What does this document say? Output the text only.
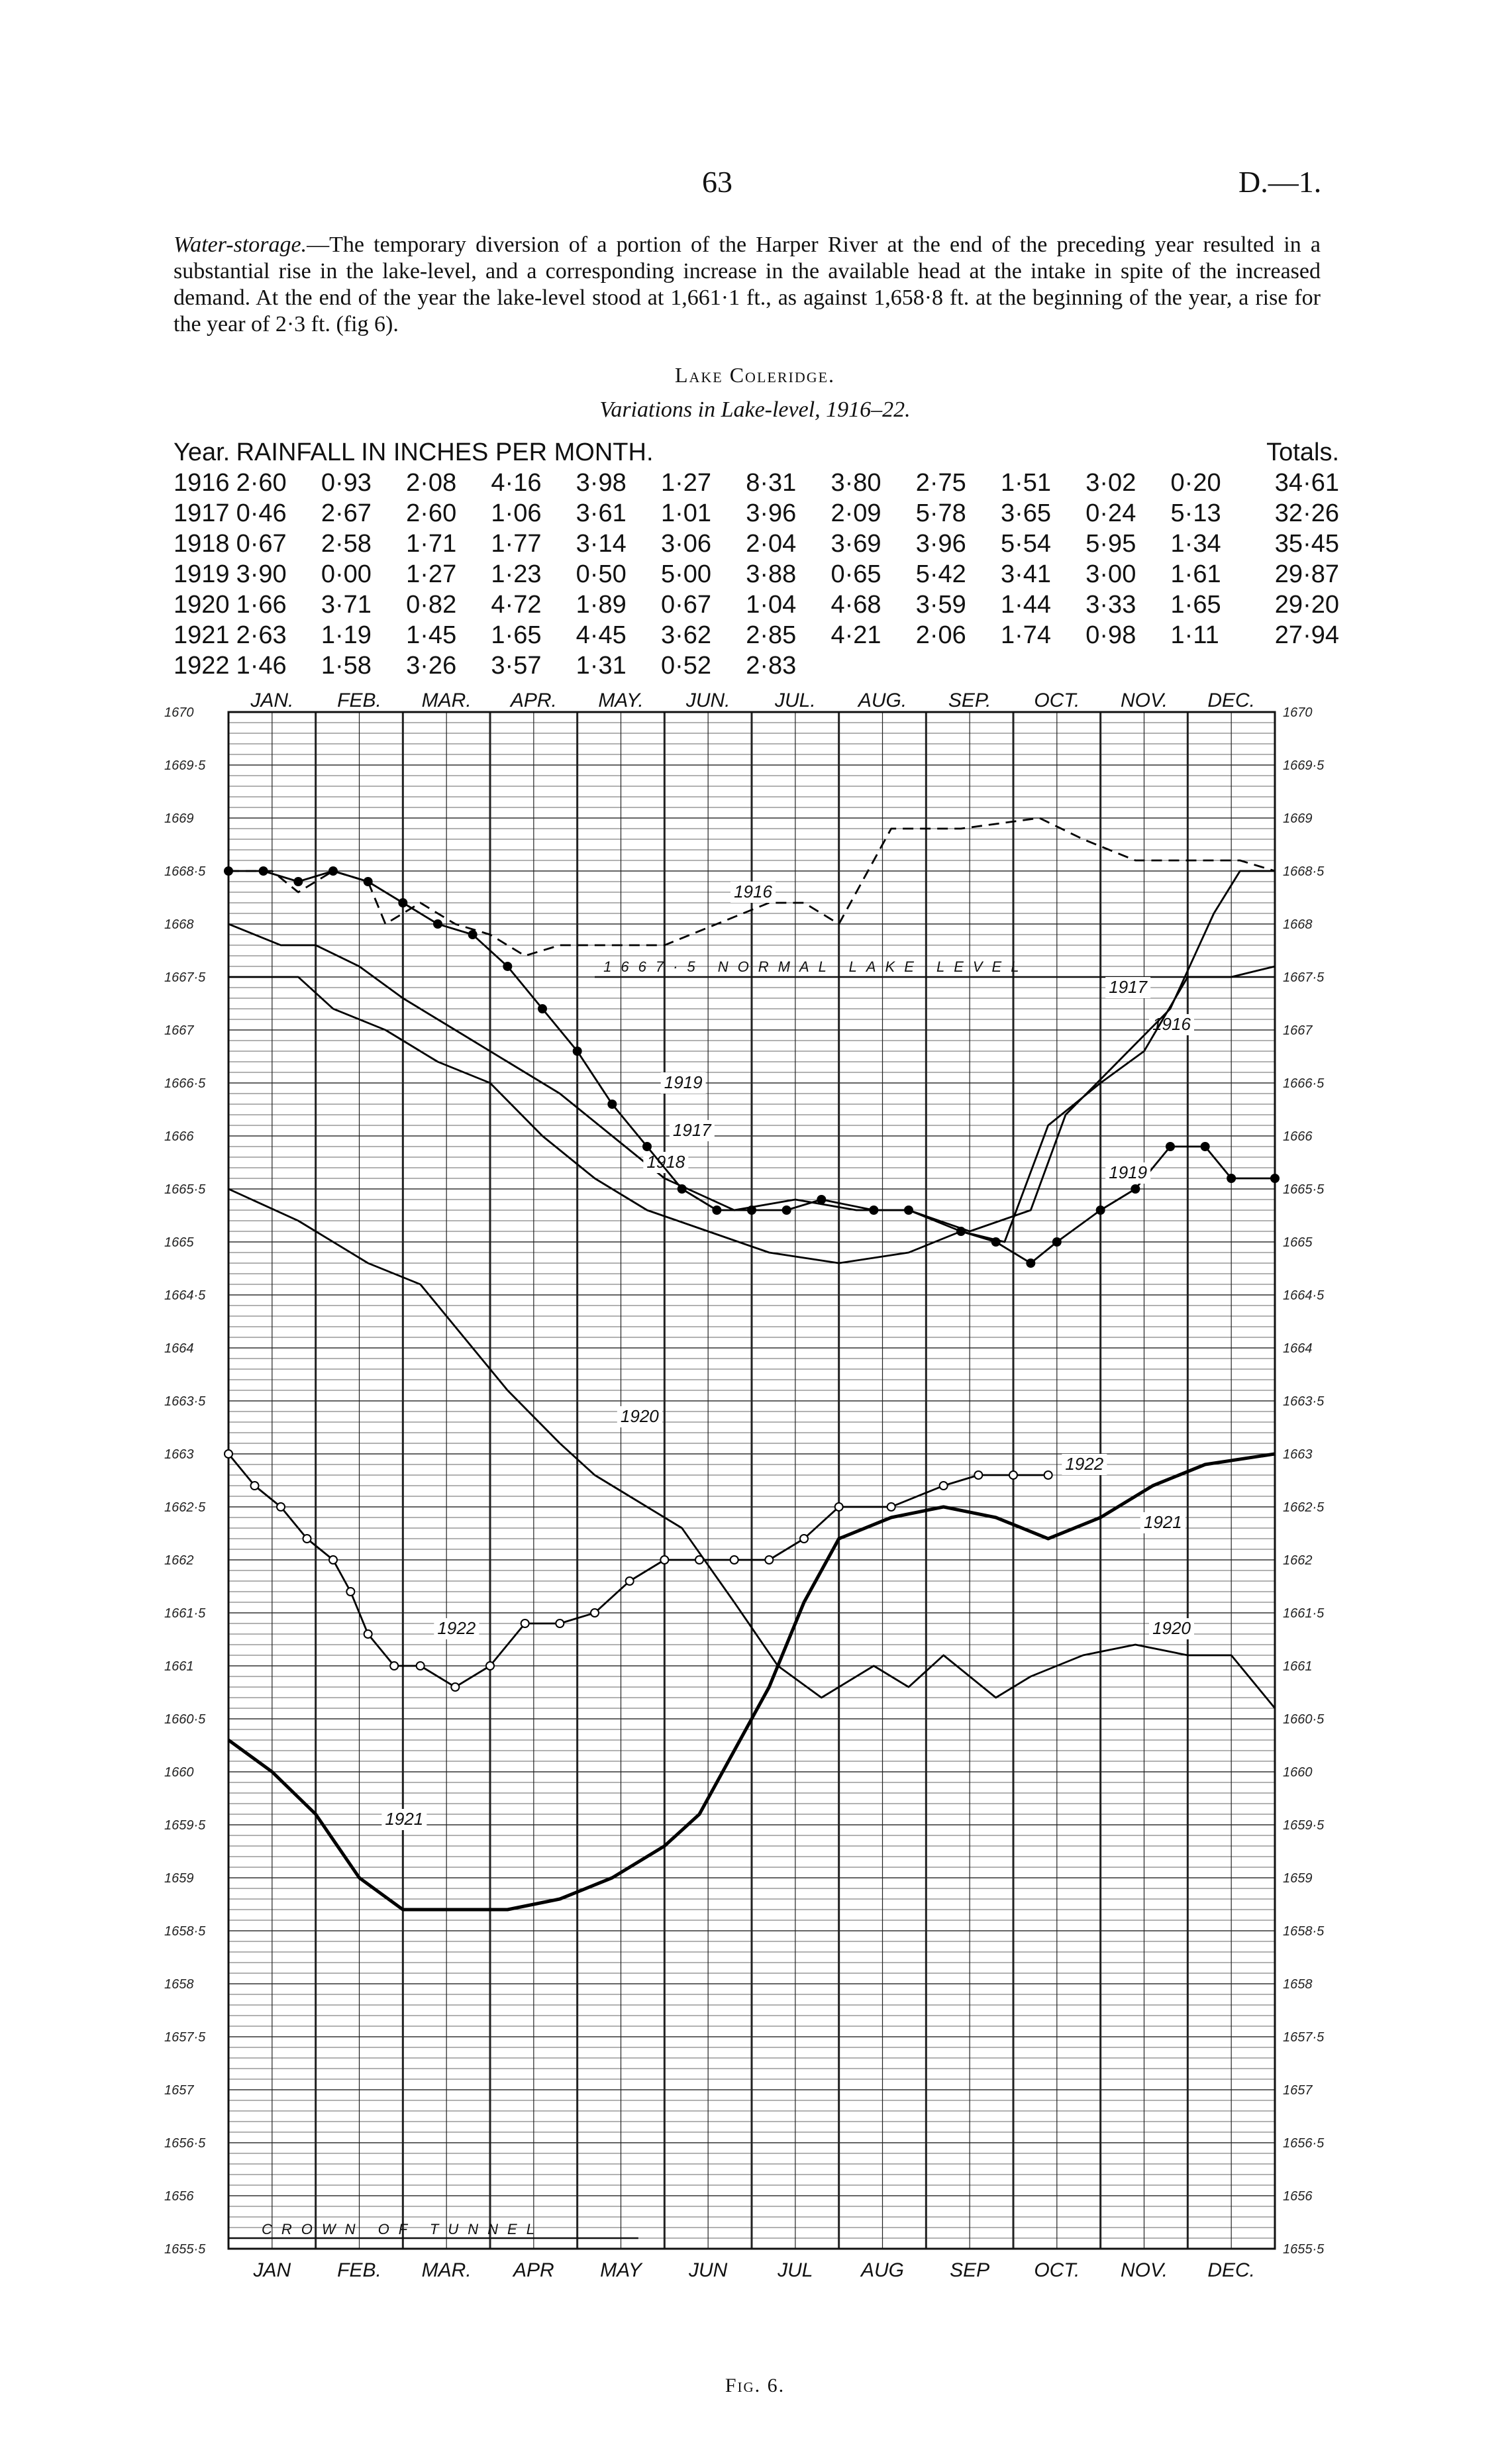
63	D.—1.
Water-storage.—The temporary diversion of a portion of the Harper River at the end of the preceding year resulted in a substantial rise in the lake-level, and a corresponding increase in the available head at the intake in spite of the increased demand. At the end of the year the lake-level stood at 1,661·1 ft., as against 1,658·8 ft. at the beginning of the year, a rise for the year of 2·3 ft. (fig 6).
Lake Coleridge.
Variations in Lake-level, 1916–22.
Year.	RAINFALL IN INCHES PER MONTH.												Totals.
1916	2·60	0·93	2·08	4·16	3·98	1·27	8·31	3·80	2·75	1·51	3·02	0·20	34·61
1917	0·46	2·67	2·60	1·06	3·61	1·01	3·96	2·09	5·78	3·65	0·24	5·13	32·26
1918	0·67	2·58	1·71	1·77	3·14	3·06	2·04	3·69	3·96	5·54	5·95	1·34	35·45
1919	3·90	0·00	1·27	1·23	0·50	5·00	3·88	0·65	5·42	3·41	3·00	1·61	29·87
1920	1·66	3·71	0·82	4·72	1·89	0·67	1·04	4·68	3·59	1·44	3·33	1·65	29·20
1921	2·63	1·19	1·45	1·65	4·45	3·62	2·85	4·21	2·06	1·74	0·98	1·11	27·94
1922	1·46	1·58	3·26	3·57	1·31	0·52	2·83						
JAN. FEB. MAR. APR. MAY. JUN. JUL. AUG. SEP. OCT. NOV. DEC.
JAN FEB. MAR. APR MAY JUN	JUL AUG SEP OCT. NOV. DEC.
1670	1670
1669·5	1669·5
1669	1669
1668·5	1668·5
1668	1668
1667·5	1667·5
1667	1667
1666·5	1666·5
1666	1666
1665·5	1665·5
1665	1665
1664·5	1664·5
1664	1664
1663·5	1663·5
1663	1663
1662·5	1662·5
1662	1662
1661·5	1661·5
1661	1661
1660·5	1660·5
1660	1660
1659·5	1659·5
1659	1659
1658·5	1658·5
1658	1658
1657·5	1657·5
1657	1657
1656·5	1656·5
1656	1656
1655·5	1655·5
1667·5 NORMAL LAKE LEVEL
CROWN OF TUNNEL
1916
1916
1917
1917
1918
1919
1919
1920
1920
1921
1921
1922
1922
Fig. 6.
